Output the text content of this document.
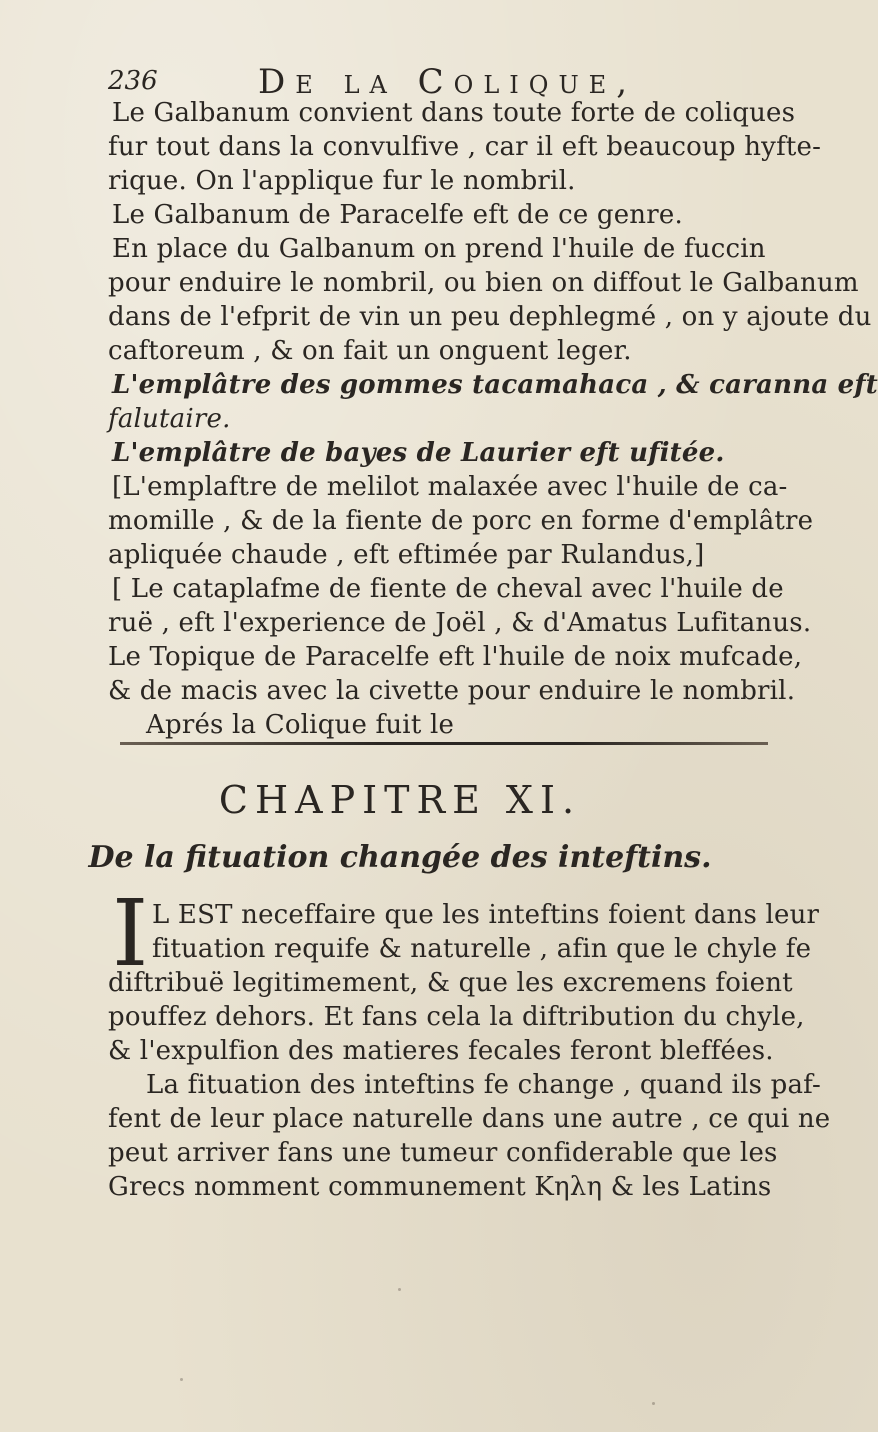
236	De la Colique,
Le Galbanum convient dans toute forte de coliques
fur tout dans la convulfive , car il eft beaucoup hyfte-
rique. On l'applique fur le nombril.
Le Galbanum de Paracelfe eft de ce genre.
En place du Galbanum on prend l'huile de fuccin
pour enduire le nombril, ou bien on diffout le Galbanum
dans de l'efprit de vin un peu dephlegmé , on y ajoute du
caftoreum , & on fait un onguent leger.
L'emplâtre des gommes tacamahaca , & caranna eft
falutaire.
L'emplâtre de bayes de Laurier eft ufitée.
[L'emplaftre de melilot malaxée avec l'huile de ca-
momille , & de la fiente de porc en forme d'emplâtre
apliquée chaude , eft eftimée par Rulandus,]
[ Le cataplafme de fiente de cheval avec l'huile de
ruë , eft l'experience de Joël , & d'Amatus Lufitanus.
Le Topique de Paracelfe eft l'huile de noix mufcade,
& de macis avec la civette pour enduire le nombril.
Aprés la Colique fuit le
CHAPITRE XI.
De la fituation changée des inteftins.
I L EST neceffaire que les inteftins foient dans leur
fituation requife & naturelle , afin que le chyle fe
diftribuë legitimement, & que les excremens foient
pouffez dehors. Et fans cela la diftribution du chyle,
& l'expulfion des matieres fecales feront bleffées.
La fituation des inteftins fe change , quand ils paf-
fent de leur place naturelle dans une autre , ce qui ne
peut arriver fans une tumeur confiderable que les
Grecs nomment communement Κηλη & les Latins
